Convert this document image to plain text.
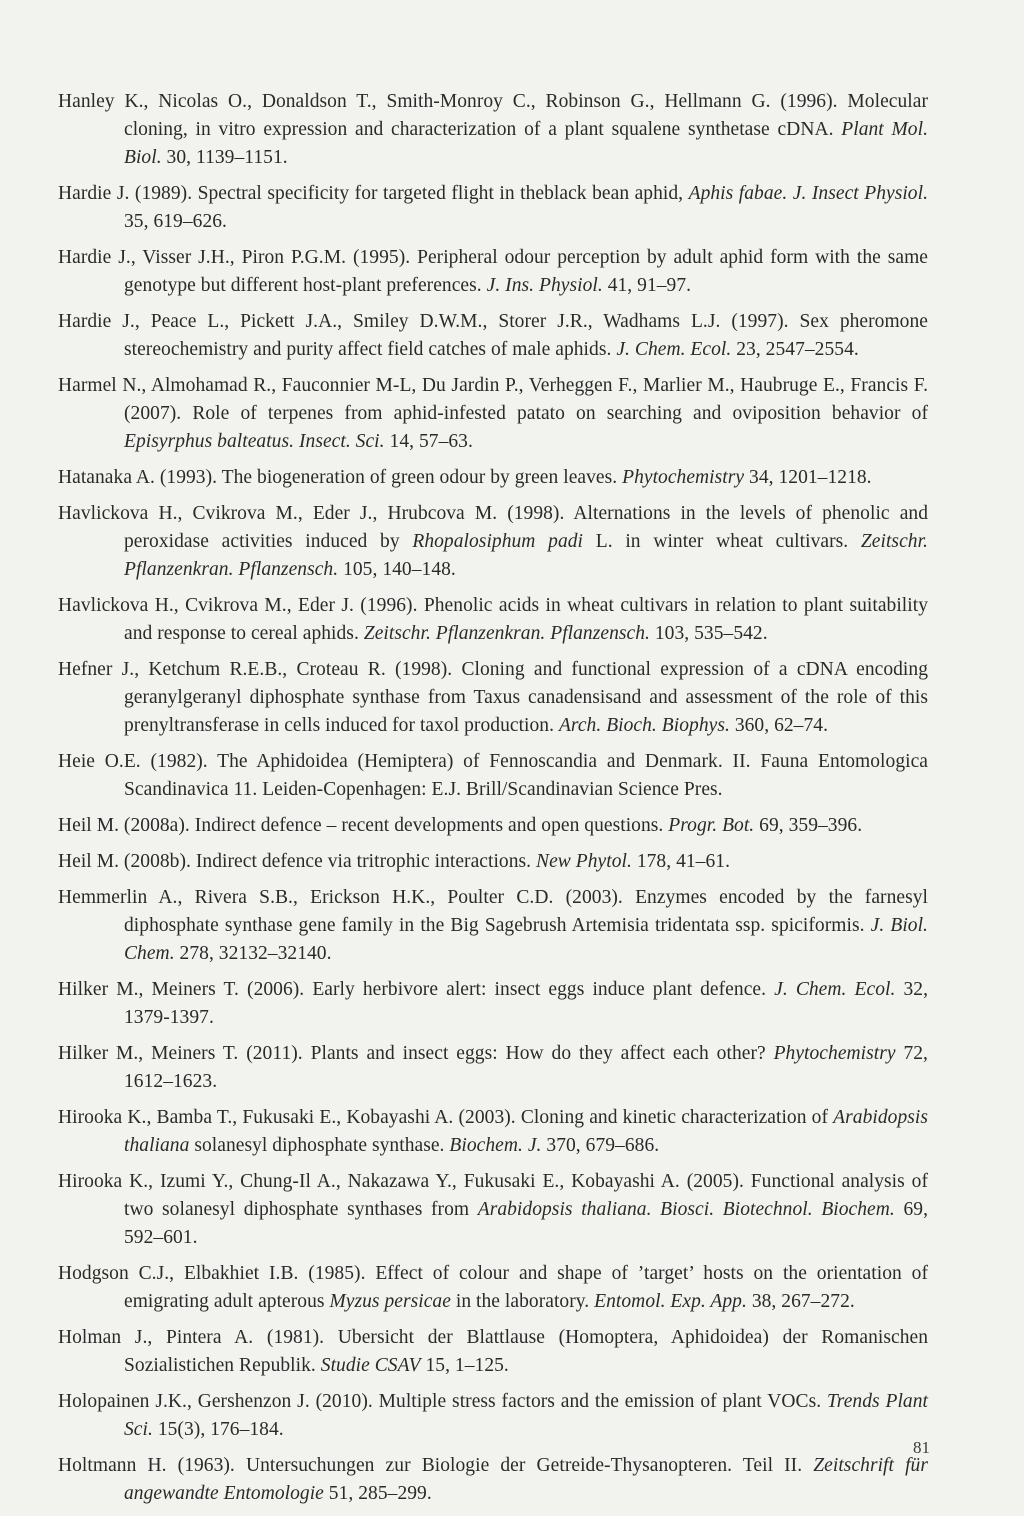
Hanley K., Nicolas O., Donaldson T., Smith-Monroy C., Robinson G., Hellmann G. (1996). Molecular cloning, in vitro expression and characterization of a plant squalene synthetase cDNA. Plant Mol. Biol. 30, 1139–1151.
Hardie J. (1989). Spectral specificity for targeted flight in theblack bean aphid, Aphis fabae. J. Insect Physiol. 35, 619–626.
Hardie J., Visser J.H., Piron P.G.M. (1995). Peripheral odour perception by adult aphid form with the same genotype but different host-plant preferences. J. Ins. Physiol. 41, 91–97.
Hardie J., Peace L., Pickett J.A., Smiley D.W.M., Storer J.R., Wadhams L.J. (1997). Sex pheromone stereochemistry and purity affect field catches of male aphids. J. Chem. Ecol. 23, 2547–2554.
Harmel N., Almohamad R., Fauconnier M-L, Du Jardin P., Verheggen F., Marlier M., Haubruge E., Francis F. (2007). Role of terpenes from aphid-infested patato on searching and oviposition behavior of Episyrphus balteatus. Insect. Sci. 14, 57–63.
Hatanaka A. (1993). The biogeneration of green odour by green leaves. Phytochemistry 34, 1201–1218.
Havlickova H., Cvikrova M., Eder J., Hrubcova M. (1998). Alternations in the levels of phenolic and peroxidase activities induced by Rhopalosiphum padi L. in winter wheat cultivars. Zeitschr. Pflanzenkran. Pflanzensch. 105, 140–148.
Havlickova H., Cvikrova M., Eder J. (1996). Phenolic acids in wheat cultivars in relation to plant suitability and response to cereal aphids. Zeitschr. Pflanzenkran. Pflanzensch. 103, 535–542.
Hefner J., Ketchum R.E.B., Croteau R. (1998). Cloning and functional expression of a cDNA encoding geranylgeranyl diphosphate synthase from Taxus canadensisand and assessment of the role of this prenyltransferase in cells induced for taxol production. Arch. Bioch. Biophys. 360, 62–74.
Heie O.E. (1982). The Aphidoidea (Hemiptera) of Fennoscandia and Denmark. II. Fauna Entomologica Scandinavica 11. Leiden-Copenhagen: E.J. Brill/Scandinavian Science Pres.
Heil M. (2008a). Indirect defence – recent developments and open questions. Progr. Bot. 69, 359–396.
Heil M. (2008b). Indirect defence via tritrophic interactions. New Phytol. 178, 41–61.
Hemmerlin A., Rivera S.B., Erickson H.K., Poulter C.D. (2003). Enzymes encoded by the farnesyl diphosphate synthase gene family in the Big Sagebrush Artemisia tridentata ssp. spiciformis. J. Biol. Chem. 278, 32132–32140.
Hilker M., Meiners T. (2006). Early herbivore alert: insect eggs induce plant defence. J. Chem. Ecol. 32, 1379-1397.
Hilker M., Meiners T. (2011). Plants and insect eggs: How do they affect each other? Phytochemistry 72, 1612–1623.
Hirooka K., Bamba T., Fukusaki E., Kobayashi A. (2003). Cloning and kinetic characterization of Arabidopsis thaliana solanesyl diphosphate synthase. Biochem. J. 370, 679–686.
Hirooka K., Izumi Y., Chung-Il A., Nakazawa Y., Fukusaki E., Kobayashi A. (2005). Functional analysis of two solanesyl diphosphate synthases from Arabidopsis thaliana. Biosci. Biotechnol. Biochem. 69, 592–601.
Hodgson C.J., Elbakhiet I.B. (1985). Effect of colour and shape of ’target’ hosts on the orientation of emigrating adult apterous Myzus persicae in the laboratory. Entomol. Exp. App. 38, 267–272.
Holman J., Pintera A. (1981). Ubersicht der Blattlause (Homoptera, Aphidoidea) der Romanischen Sozialistichen Republik. Studie CSAV 15, 1–125.
Holopainen J.K., Gershenzon J. (2010). Multiple stress factors and the emission of plant VOCs. Trends Plant Sci. 15(3), 176–184.
Holtmann H. (1963). Untersuchungen zur Biologie der Getreide-Thysanopteren. Teil II. Zeitschrift für angewandte Entomologie 51, 285–299.
81
